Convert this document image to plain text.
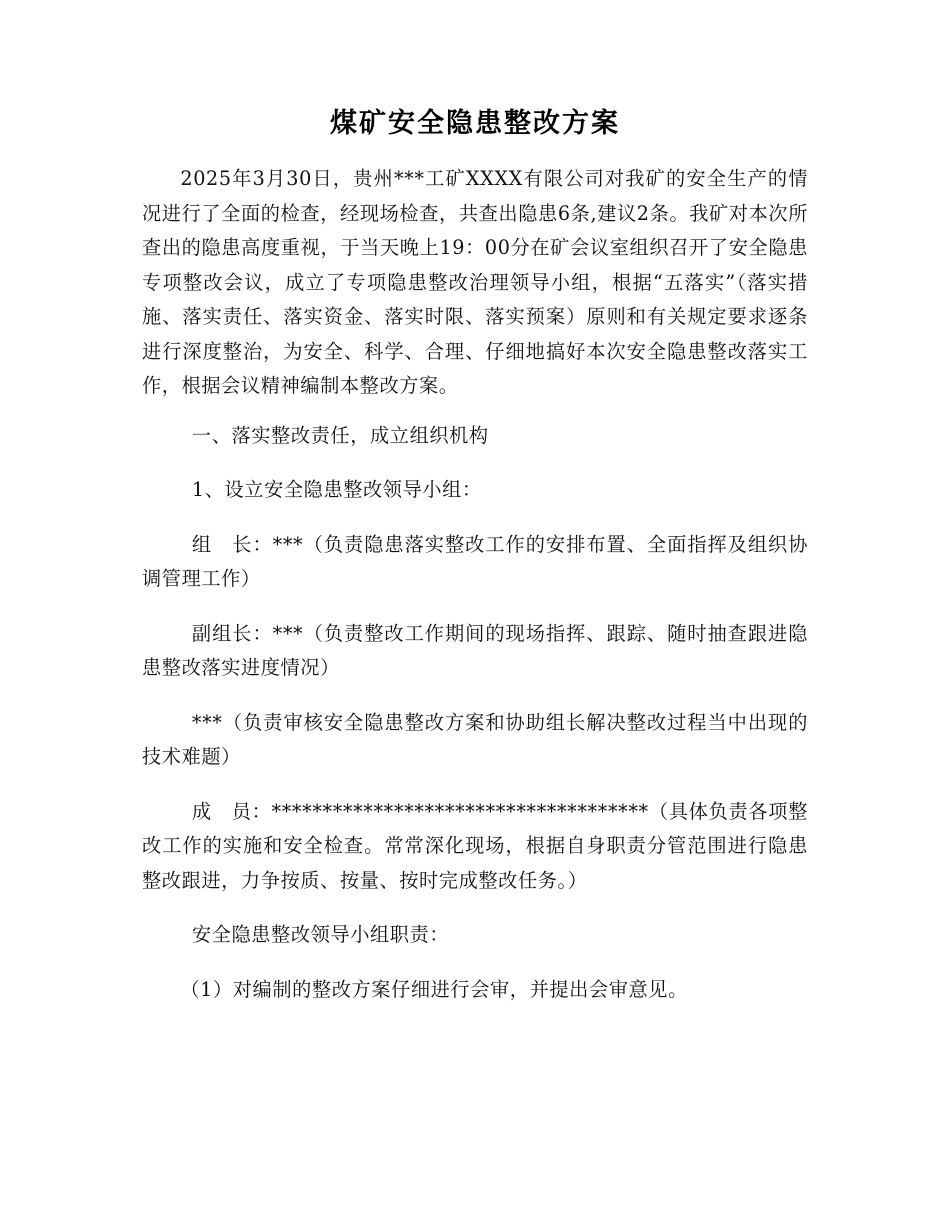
煤矿安全隐患整改方案

2025年3月30日，贵州***工矿XXXX有限公司对我矿的安全生产的情况进行了全面的检查，经现场检查，共查出隐患6条,建议2条。我矿对本次所查出的隐患高度重视，于当天晚上19：00分在矿会议室组织召开了安全隐患专项整改会议，成立了专项隐患整改治理领导小组，根据“五落实”（落实措施、落实责任、落实资金、落实时限、落实预案）原则和有关规定要求逐条进行深度整治，为安全、科学、合理、仔细地搞好本次安全隐患整改落实工作，根据会议精神编制本整改方案。

一、落实整改责任，成立组织机构

1、设立安全隐患整改领导小组：

组　长：***（负责隐患落实整改工作的安排布置、全面指挥及组织协调管理工作）

副组长：***（负责整改工作期间的现场指挥、跟踪、随时抽查跟进隐患整改落实进度情况）

***（负责审核安全隐患整改方案和协助组长解决整改过程当中出现的技术难题）

成　员：*************************************（具体负责各项整改工作的实施和安全检查。常常深化现场，根据自身职责分管范围进行隐患整改跟进，力争按质、按量、按时完成整改任务。）

安全隐患整改领导小组职责：

（1）对编制的整改方案仔细进行会审，并提出会审意见。
